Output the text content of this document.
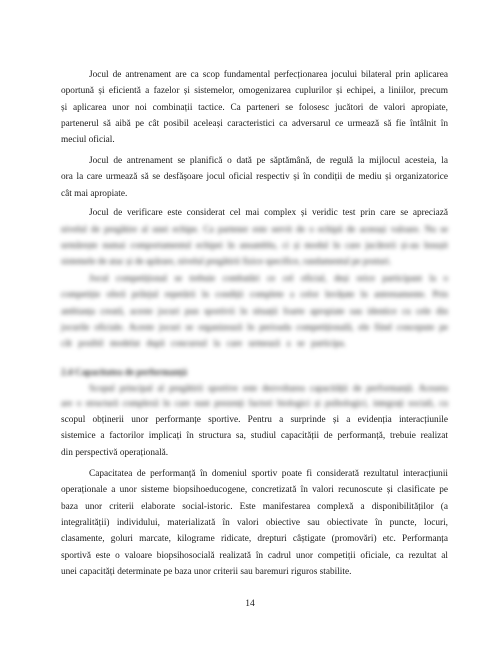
Jocul de antrenament are ca scop fundamental perfecționarea jocului bilateral prin aplicarea
oportună și eficientă a fazelor și sistemelor, omogenizarea cuplurilor și echipei, a liniilor, precum
și aplicarea unor noi combinații tactice. Ca parteneri se folosesc jucători de valori apropiate,
partenerul să aibă pe cât posibil aceleași caracteristici ca adversarul ce urmează să fie întâlnit în
meciul oficial.
Jocul de antrenament se planifică o dată pe săptămână, de regulă la mijlocul acesteia, la
ora la care urmează să se desfășoare jocul oficial respectiv și în condiții de mediu și organizatorice
cât mai apropiate.
Jocul de verificare este considerat cel mai complex și veridic test prin care se apreciază
nivelul de pregătire al unei echipe. Ca partener este servit de o echipă de aceeași valoare. Nu se
urmărește numai comportamentul echipei în ansamblu, ci și modul în care jucătorii și-au însușit
sistemele de atac și de apărare, nivelul pregătirii fizice specifice, randamentul pe posturi.
Jocul competițional se trebuie combatări ce cel oficial, deși orice participant la o
competiție oferă prilejul repetării în condiții complete a celor învățate în antrenamente. Prin
ambianța creată, aceste jocuri pun sportivii în situații foarte apropiate sau identice cu cele din
jocurile oficiale. Aceste jocuri se organizează în perioada competițională, ele fiind concepute pe
cât posibil modelat după concursul la care urmează a se participa.
2.4 Capacitatea de performanță
Scopul principal al pregătirii sportive este dezvoltarea capacității de performanță. Aceasta
are o structură complexă în care sunt prezenți factori biologici și psihologici, integrați sociali, cu
scopul obținerii unor performanțe sportive. Pentru a surprinde și a evidenția interacțiunile
sistemice a factorilor implicați în structura sa, studiul capacității de performanță, trebuie realizat
din perspectivă operațională.
Capacitatea de performanță în domeniul sportiv poate fi considerată rezultatul interacțiunii
operaționale a unor sisteme biopsihoeducogene, concretizată în valori recunoscute și clasificate pe
baza unor criterii elaborate social-istoric. Este manifestarea complexă a disponibilităților (a
integralității) individului, materializată în valori obiective sau obiectivate în puncte, locuri,
clasamente, goluri marcate, kilograme ridicate, drepturi câștigate (promovări) etc. Performanța
sportivă este o valoare biopsihosocială realizată în cadrul unor competiții oficiale, ca rezultat al
unei capacități determinate pe baza unor criterii sau baremuri riguros stabilite.
14
